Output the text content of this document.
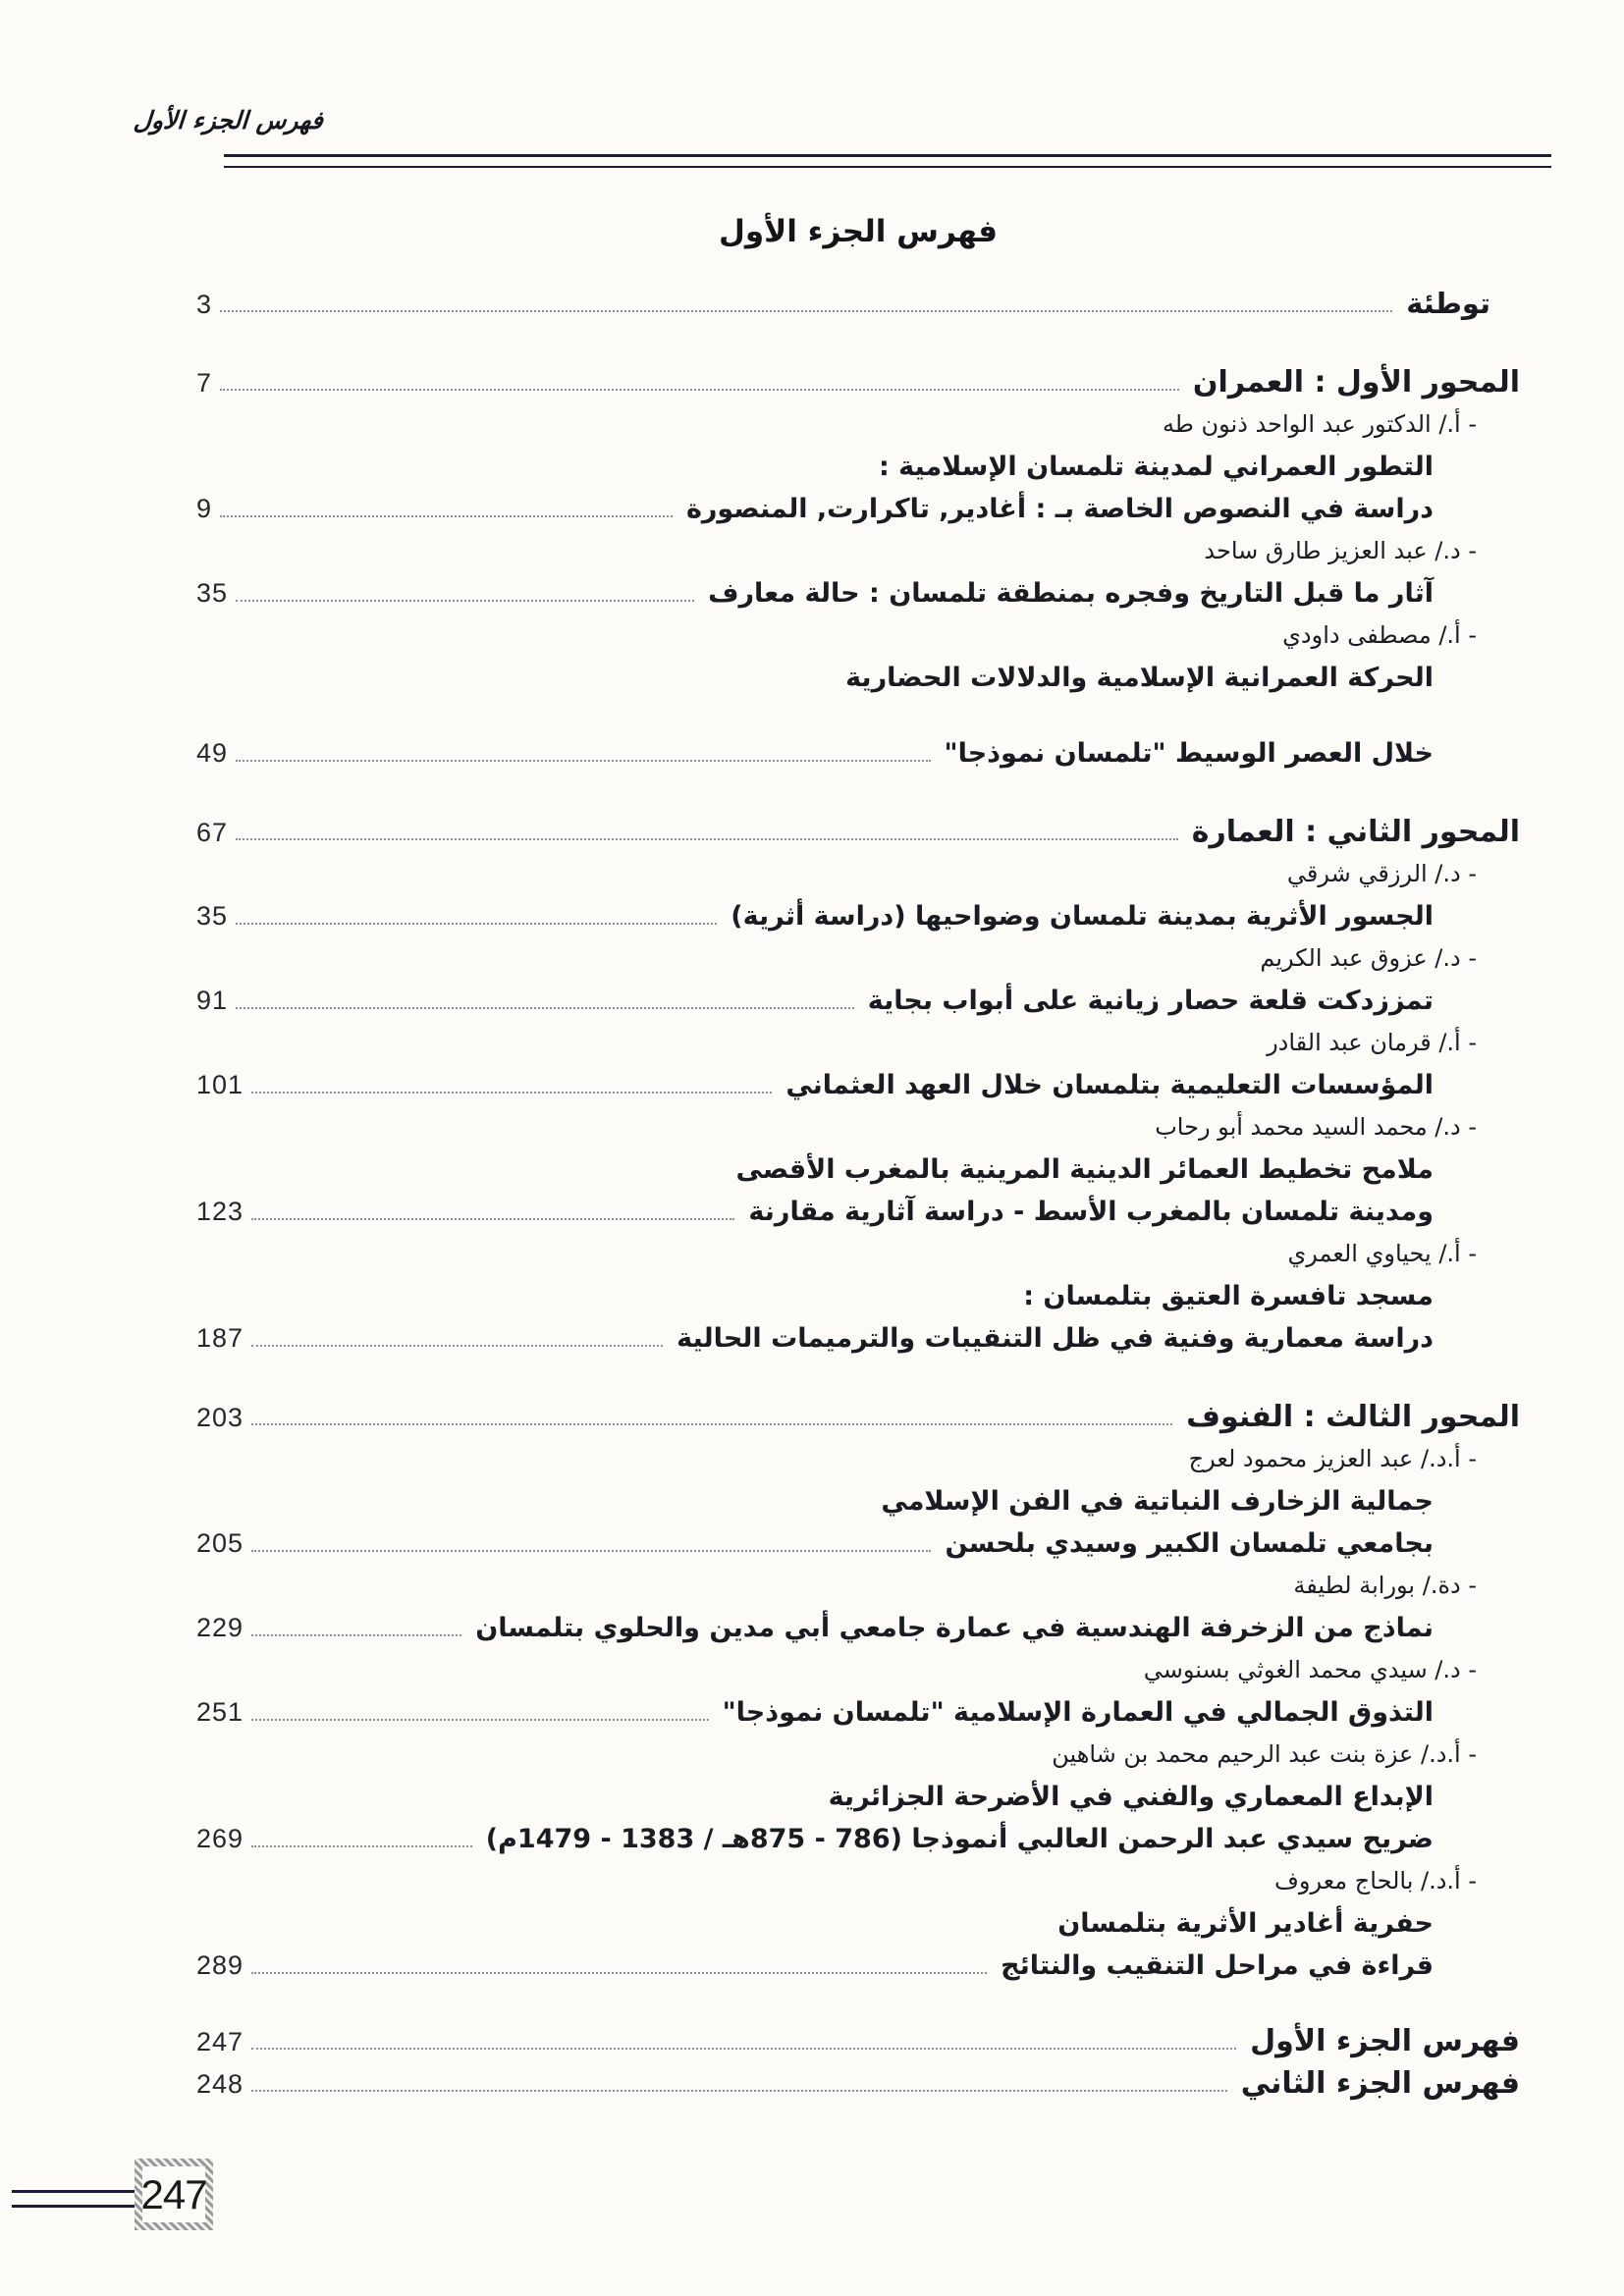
فهرس الجزء الأول
فهرس الجزء الأول
توطئة
3
المحور الأول : العمران
7
- أ./ الدكتور عبد الواحد ذنون طه
التطور العمراني لمدينة تلمسان الإسلامية :
دراسة في النصوص الخاصة بـ : أغادير, تاكرارت, المنصورة
9
- د./ عبد العزيز طارق ساحد
آثار ما قبل التاريخ وفجره بمنطقة تلمسان : حالة معارف
35
- أ./ مصطفى داودي
الحركة العمرانية الإسلامية والدلالات الحضارية
خلال العصر الوسيط "تلمسان نموذجا"
49
المحور الثاني : العمارة
67
- د./ الرزقي شرقي
الجسور الأثرية بمدينة تلمسان وضواحيها (دراسة أثرية)
35
- د./ عزوق عبد الكريم
تمززدكت قلعة حصار زيانية على أبواب بجاية
91
- أ./ قرمان عبد القادر
المؤسسات التعليمية بتلمسان خلال العهد العثماني
101
- د./ محمد السيد محمد أبو رحاب
ملامح تخطيط العمائر الدينية المرينية بالمغرب الأقصى
ومدينة تلمسان بالمغرب الأسط - دراسة آثارية مقارنة
123
- أ./ يحياوي العمري
مسجد تافسرة العتيق بتلمسان :
دراسة معمارية وفنية في ظل التنقيبات والترميمات الحالية
187
المحور الثالث : الفنوف
203
- أ.د./ عبد العزيز محمود لعرج
جمالية الزخارف النباتية في الفن الإسلامي
بجامعي تلمسان الكبير وسيدي بلحسن
205
- دة./ بورابة لطيفة
نماذج من الزخرفة الهندسية في عمارة جامعي أبي مدين والحلوي بتلمسان
229
- د./ سيدي محمد الغوثي بسنوسي
التذوق الجمالي في العمارة الإسلامية "تلمسان نموذجا"
251
- أ.د./ عزة بنت عبد الرحيم محمد بن شاهين
الإبداع المعماري والفني في الأضرحة الجزائرية
ضريح سيدي عبد الرحمن العالبي أنموذجا (786 - 875هـ / 1383 - 1479م)
269
- أ.د./ بالحاج معروف
حفرية أغادير الأثرية بتلمسان
قراءة في مراحل التنقيب والنتائج
289
فهرس الجزء الأول
247
فهرس الجزء الثاني
248
247
